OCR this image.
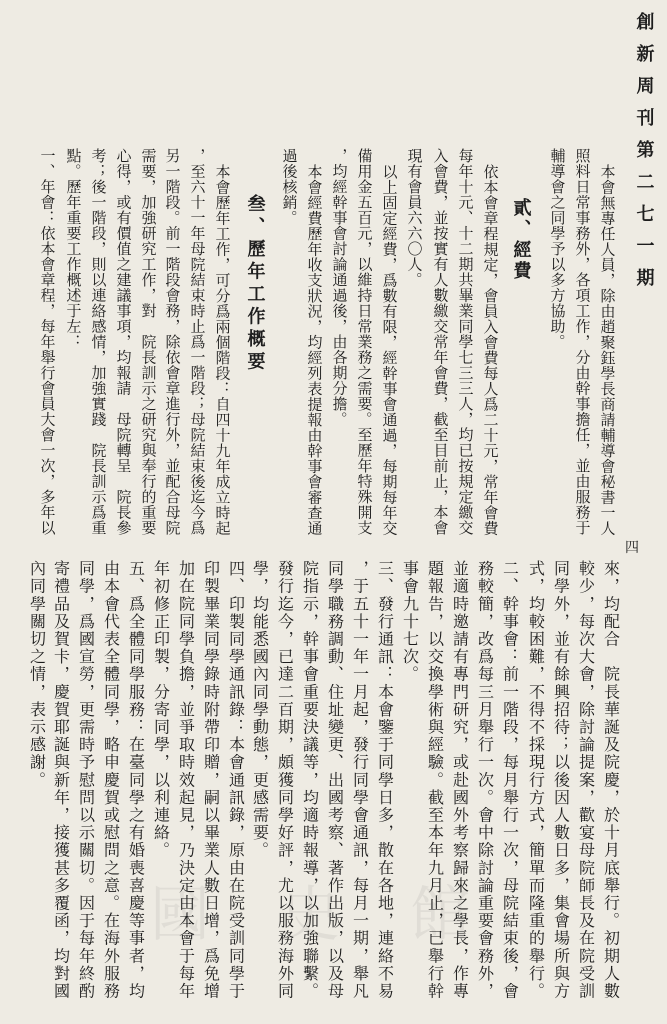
國史館
創新周刊第二七一期
四
本會無專任人員，除由趙聚鈺學長商請輔導會秘書一人
照料日常事務外，各項工作，分由幹事擔任，並由服務于
輔導會之同學予以多方協助。
貳、經費
依本會章程規定，會員入會費每人爲二十元，常年會費
每年十元、十二期共畢業同學七三三人，均已按規定繳交
入會費，並按實有人數繳交常年會費，截至目前止，本會
現有會員六六〇人。
以上固定經費，爲數有限，經幹事會通過，每期每年交
備用金五百元，以維持日常業務之需要。至歷年特殊開支
，均經幹事會討論通過後，由各期分擔。
本會經費歷年收支狀況，均經列表提報由幹事會審查通
過後核銷。
叁、歷年工作概要
本會歷年工作，可分爲兩個階段：自四十九年成立時起
，至六十一年母院結束時止爲一階段；母院結束後迄今爲
另一階段。前一階段會務，除依會章進行外，並配合母院
需要，加強研究工作，對　院長訓示之研究與奉行的重要
心得，或有價值之建議事項，均報請　母院轉呈　院長參
考；後一階段，則以連絡感情，加強實踐　院長訓示爲重
點。歷年重要工作概述于左：
一、年會：依本會章程，每年舉行會員大會一次，多年以
來，均配合　院長華誕及院慶，於十月底舉行。初期人數
較少，每次大會，除討論提案，歡宴母院師長及在院受訓
同學外，並有餘興招待；以後因人數日多，集會場所與方
式，均較困難，不得不採現行方式，簡單而隆重的舉行。
二、幹事會：前一階段，每月舉行一次，母院結束後，會
務較簡，改爲每三月舉行一次。會中除討論重要會務外，
並適時邀請有專門研究，或赴國外考察歸來之學長，作專
題報告，以交換學術與經驗。截至本年九月止，已舉行幹
事會九十七次。
三、發行通訊：本會鑒于同學日多，散在各地，連絡不易
，于五十一年一月起，發行同學會通訊，每月一期，舉凡
同學職務調動、住址變更、出國考察、著作出版，以及母
院指示，幹事會重要決議等，均適時報導，以加強聯繫。
發行迄今，已達二百期，頗獲同學好評，尤以服務海外同
學，均能悉國內同學動態，更感需要。
四、印製同學通訊錄：本會通訊錄，原由在院受訓同學于
印製畢業同學錄時附帶印贈，嗣以畢業人數日增，爲免增
加在院同學負擔，並爭取時效起見，乃決定由本會于每年
年初修正印製，分寄同學，以利連絡。
五、爲全體同學服務：在臺同學之有婚喪喜慶等事者，均
由本會代表全體同學，略申慶賀或慰問之意。在海外服務
同學，爲國宣勞，更需時予慰問以示關切。因于每年終酌
寄禮品及賀卡，慶賀耶誕與新年，接獲甚多覆函，均對國
內同學關切之情，表示感謝。
